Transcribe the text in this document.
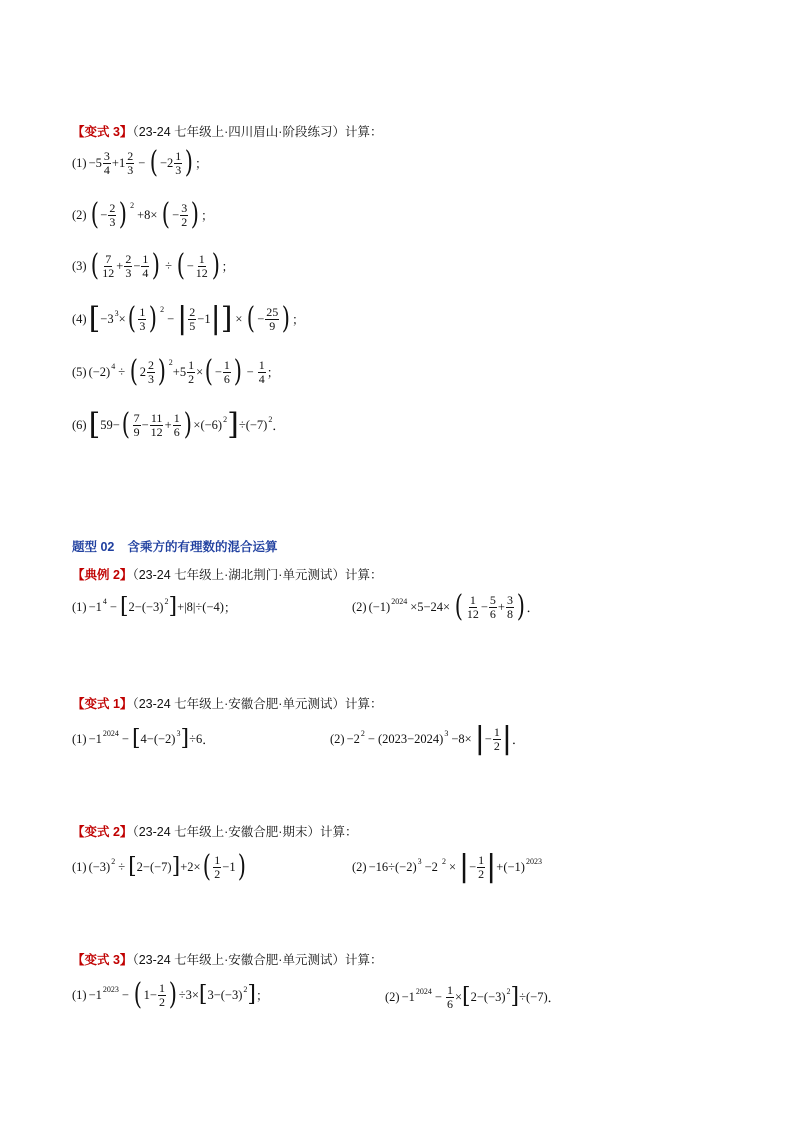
【变式 3】（23-24 七年级上·四川眉山·阶段练习）计算：
(1) −5 3
4 +1 2
3 − ( −2 1
3 ) ；
(2) ( − $\frac{2}{3}$ ) $^2$
+8× ( − $\frac{3}{2}$ ) ；
(3) ( 7
$12 + \frac{2}{3} - \frac{1}{4}$ ) ÷ ( − $\frac{1}{12}$ ) ；
(4) [ $-3^3$ × ( 1
3 ) $^2$
− | 2
5 −1 | ] × ( − $\frac{25}{9}$ ) ；
(5) $(-2)^4$ ÷ ( 2 2
3 ) $^2$
$+5 \frac{1}{2}$ × ( − $\frac{1}{6}$ ) − $\frac{1}{4}$ ；
(6) [ 59− ( 7
$9 - \frac{11}{12} + \frac{1}{6}$ ) $\times(-6)^2$ ] $\div(-7)^2$ ．
题型 02 含乘方的有理数的混合运算
【典例 2】（23-24 七年级上·湖北荆门·单元测试）计算：
$(1) -1^4$ − [ $2-(-3)^2$ ] + |8| ÷(−4) ；	(2) $(-1)^{2024} \times 5-24\times$ ( 1
$12 - \frac{5}{6} + \frac{3}{8}$ ) ．
【变式 1】（23-24 七年级上·安徽合肥·单元测试）计算：
$(1) -1^{2024}$ − [ $4-(-2)^3$ ] ÷6 ．	$(2) -2^2 - (2023-2024)^3 -8\times$ | − $\frac{1}{2}$ | ．
【变式 2】（23-24 七年级上·安徽合肥·期末）计算：
(1) $(-3)^2$ ÷ [ 2−(−7) ] +2× ( 1
2 −1 )	$(2) -16\div(-2)^3 -2$ $^2$ × | − $\frac{1}{2}$ | $+(-1)^{2023}$
【变式 3】（23-24 七年级上·安徽合肥·单元测试）计算：
$(1) -1^{2023}$ − ( $1- \frac{1}{2}$ ) ÷3× [ $3-(-3)^2$ ] ；	$(2) -1^{2024} - \frac{1}{6}$ × [ $2-(-3)^2$ ] ÷(−7) ．
